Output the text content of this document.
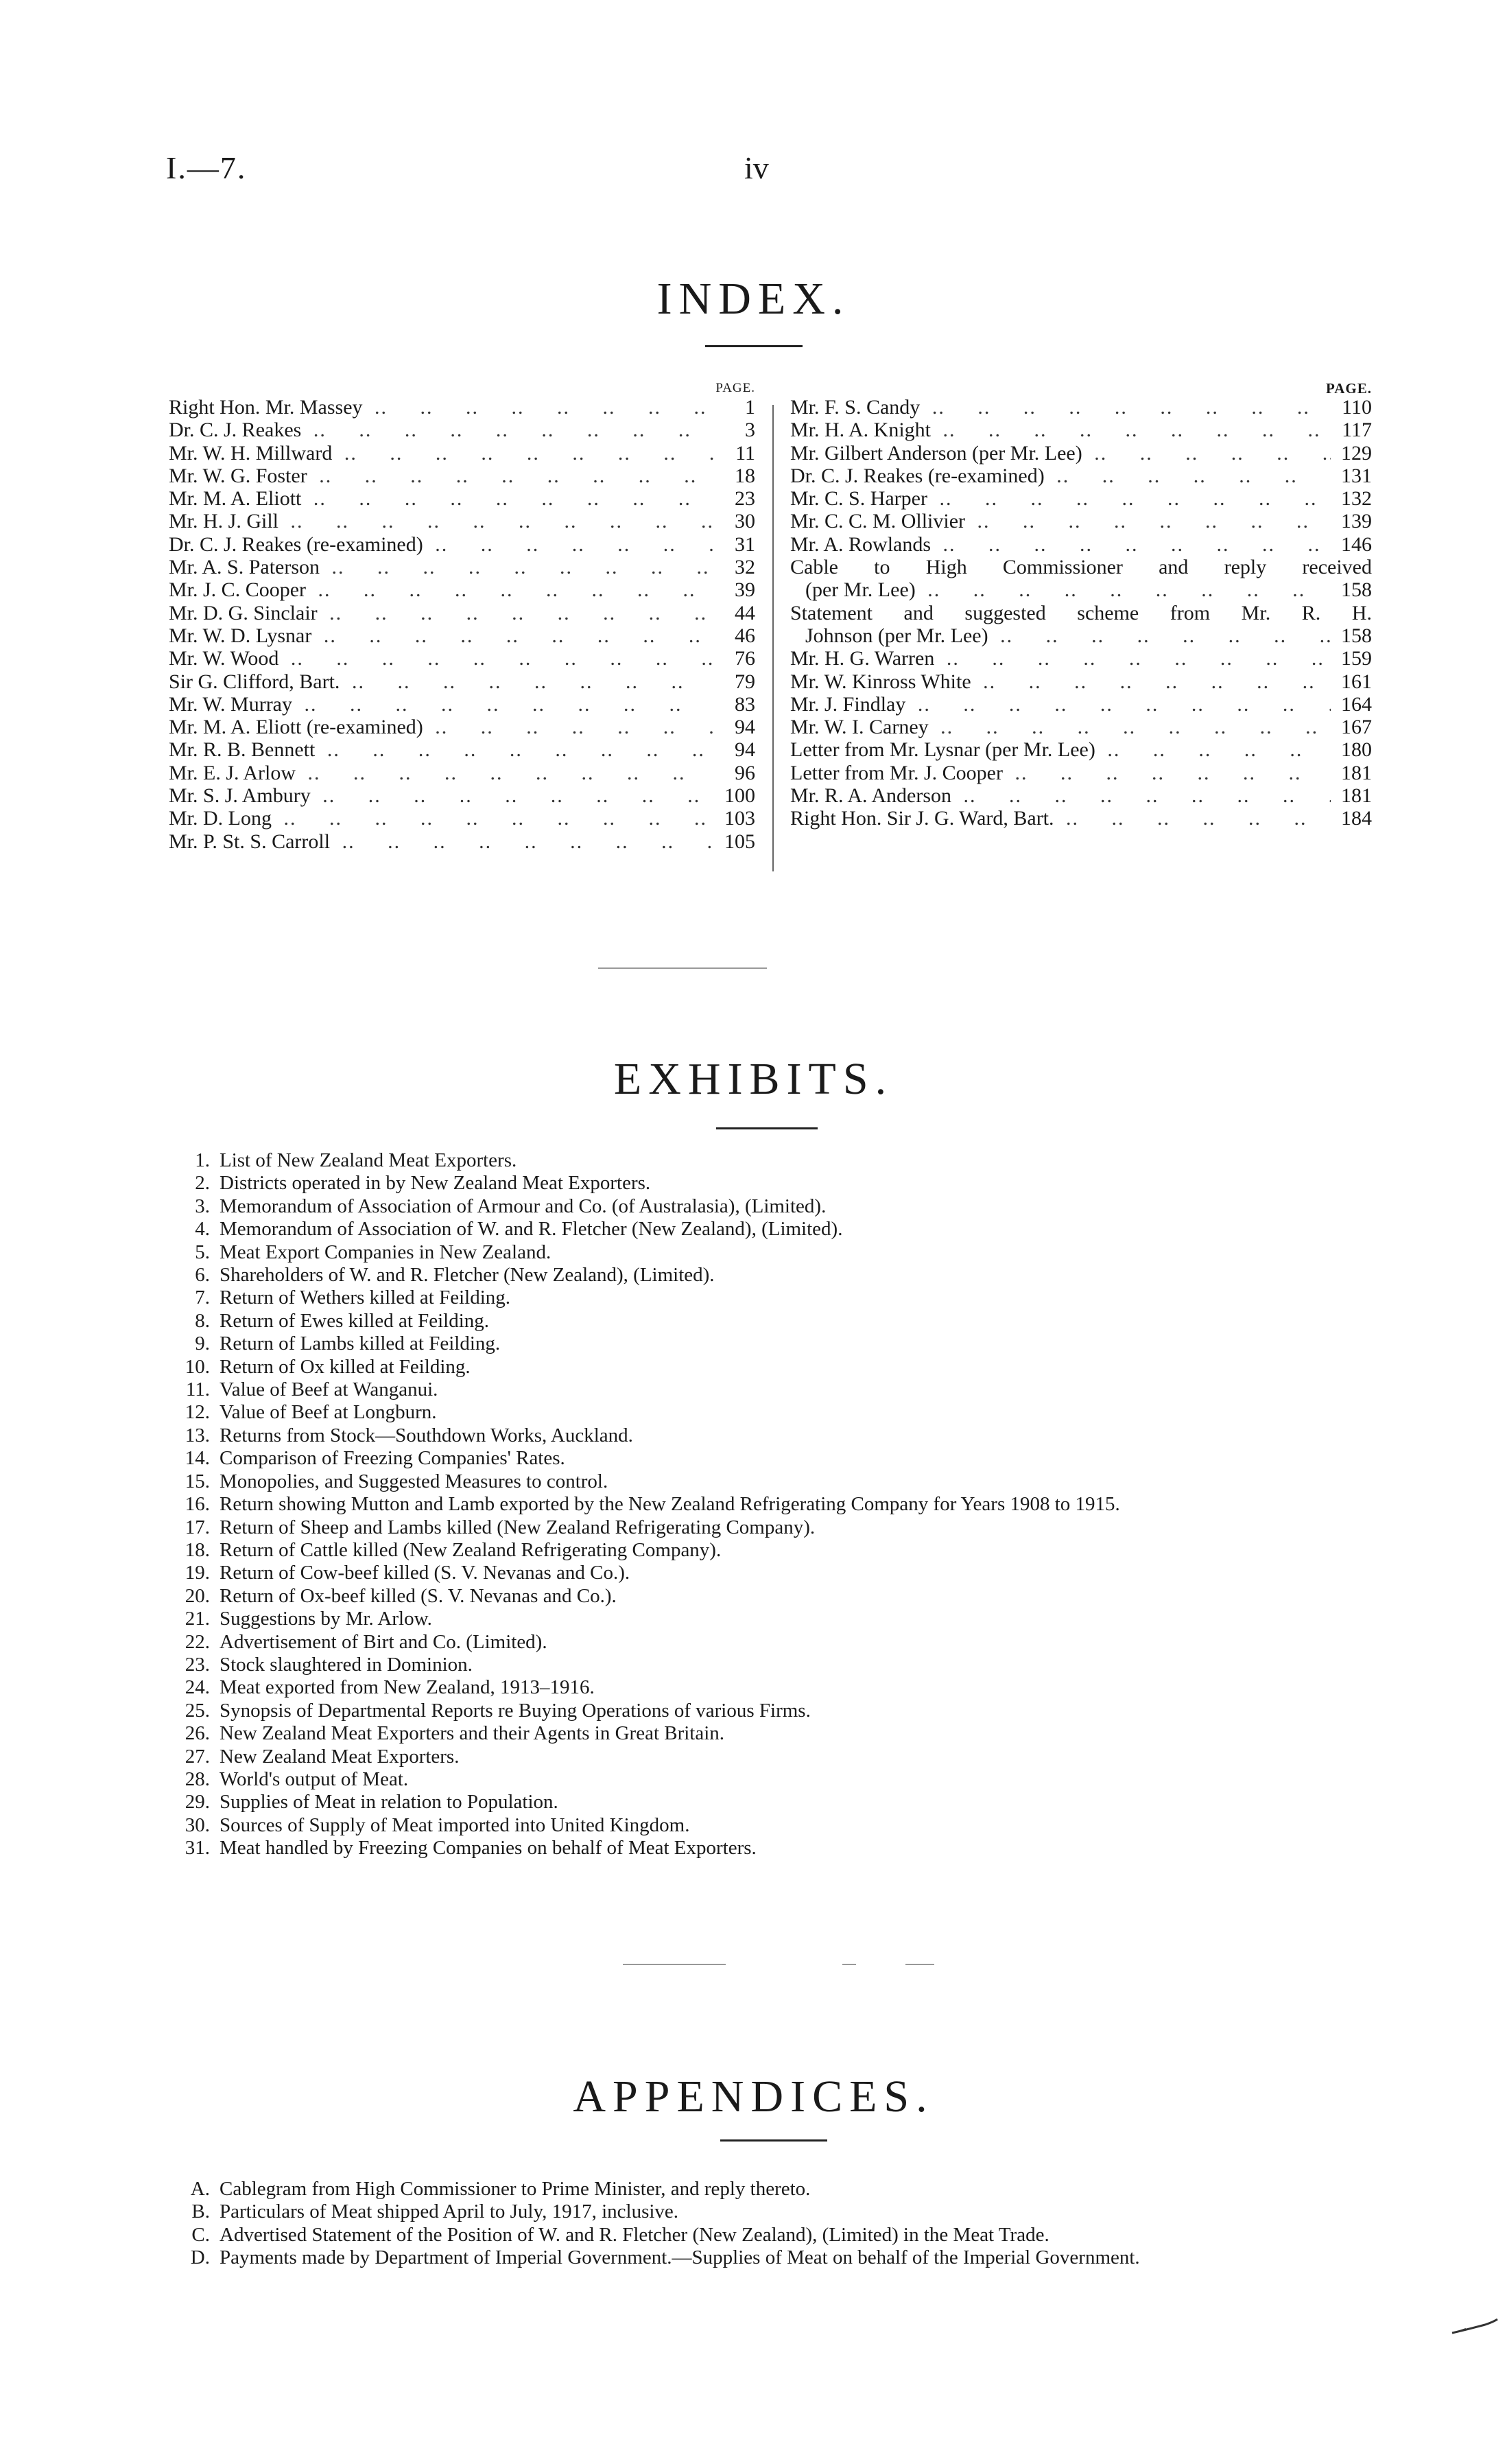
I.—7.	iv
INDEX.
PAGE.
Right Hon. Mr. Massey ..	1
Dr. C. J. Reakes ..	3
Mr. W. H. Millward ..	11
Mr. W. G. Foster ..	18
Mr. M. A. Eliott ..	23
Mr. H. J. Gill ..	30
Dr. C. J. Reakes (re-examined) ..	31
Mr. A. S. Paterson ..	32
Mr. J. C. Cooper ..	39
Mr. D. G. Sinclair ..	44
Mr. W. D. Lysnar ..	46
Mr. W. Wood ..	76
Sir G. Clifford, Bart. ..	79
Mr. W. Murray ..	83
Mr. M. A. Eliott (re-examined) ..	94
Mr. R. B. Bennett ..	94
Mr. E. J. Arlow ..	96
Mr. S. J. Ambury ..	100
Mr. D. Long ..	103
Mr. P. St. S. Carroll ..	105
PAGE.
Mr. F. S. Candy ..	110
Mr. H. A. Knight ..	117
Mr. Gilbert Anderson (per Mr. Lee) ..	129
Dr. C. J. Reakes (re-examined) ..	131
Mr. C. S. Harper ..	132
Mr. C. C. M. Ollivier ..	139
Mr. A. Rowlands ..	146
Cable to High Commissioner and reply received
(per Mr. Lee) ..	158
Statement and suggested scheme from Mr. R. H.
Johnson (per Mr. Lee) ..	158
Mr. H. G. Warren ..	159
Mr. W. Kinross White ..	161
Mr. J. Findlay ..	164
Mr. W. I. Carney ..	167
Letter from Mr. Lysnar (per Mr. Lee) ..	180
Letter from Mr. J. Cooper ..	181
Mr. R. A. Anderson ..	181
Right Hon. Sir J. G. Ward, Bart. ..	184
EXHIBITS.
1. List of New Zealand Meat Exporters.
2. Districts operated in by New Zealand Meat Exporters.
3. Memorandum of Association of Armour and Co. (of Australasia), (Limited).
4. Memorandum of Association of W. and R. Fletcher (New Zealand), (Limited).
5. Meat Export Companies in New Zealand.
6. Shareholders of W. and R. Fletcher (New Zealand), (Limited).
7. Return of Wethers killed at Feilding.
8. Return of Ewes killed at Feilding.
9. Return of Lambs killed at Feilding.
10. Return of Ox killed at Feilding.
11. Value of Beef at Wanganui.
12. Value of Beef at Longburn.
13. Returns from Stock—Southdown Works, Auckland.
14. Comparison of Freezing Companies' Rates.
15. Monopolies, and Suggested Measures to control.
16. Return showing Mutton and Lamb exported by the New Zealand Refrigerating Company for Years 1908 to 1915.
17. Return of Sheep and Lambs killed (New Zealand Refrigerating Company).
18. Return of Cattle killed (New Zealand Refrigerating Company).
19. Return of Cow-beef killed (S. V. Nevanas and Co.).
20. Return of Ox-beef killed (S. V. Nevanas and Co.).
21. Suggestions by Mr. Arlow.
22. Advertisement of Birt and Co. (Limited).
23. Stock slaughtered in Dominion.
24. Meat exported from New Zealand, 1913–1916.
25. Synopsis of Departmental Reports re Buying Operations of various Firms.
26. New Zealand Meat Exporters and their Agents in Great Britain.
27. New Zealand Meat Exporters.
28. World's output of Meat.
29. Supplies of Meat in relation to Population.
30. Sources of Supply of Meat imported into United Kingdom.
31. Meat handled by Freezing Companies on behalf of Meat Exporters.
APPENDICES.
A. Cablegram from High Commissioner to Prime Minister, and reply thereto.
B. Particulars of Meat shipped April to July, 1917, inclusive.
C. Advertised Statement of the Position of W. and R. Fletcher (New Zealand), (Limited) in the Meat Trade.
D. Payments made by Department of Imperial Government.—Supplies of Meat on behalf of the Imperial Government.
